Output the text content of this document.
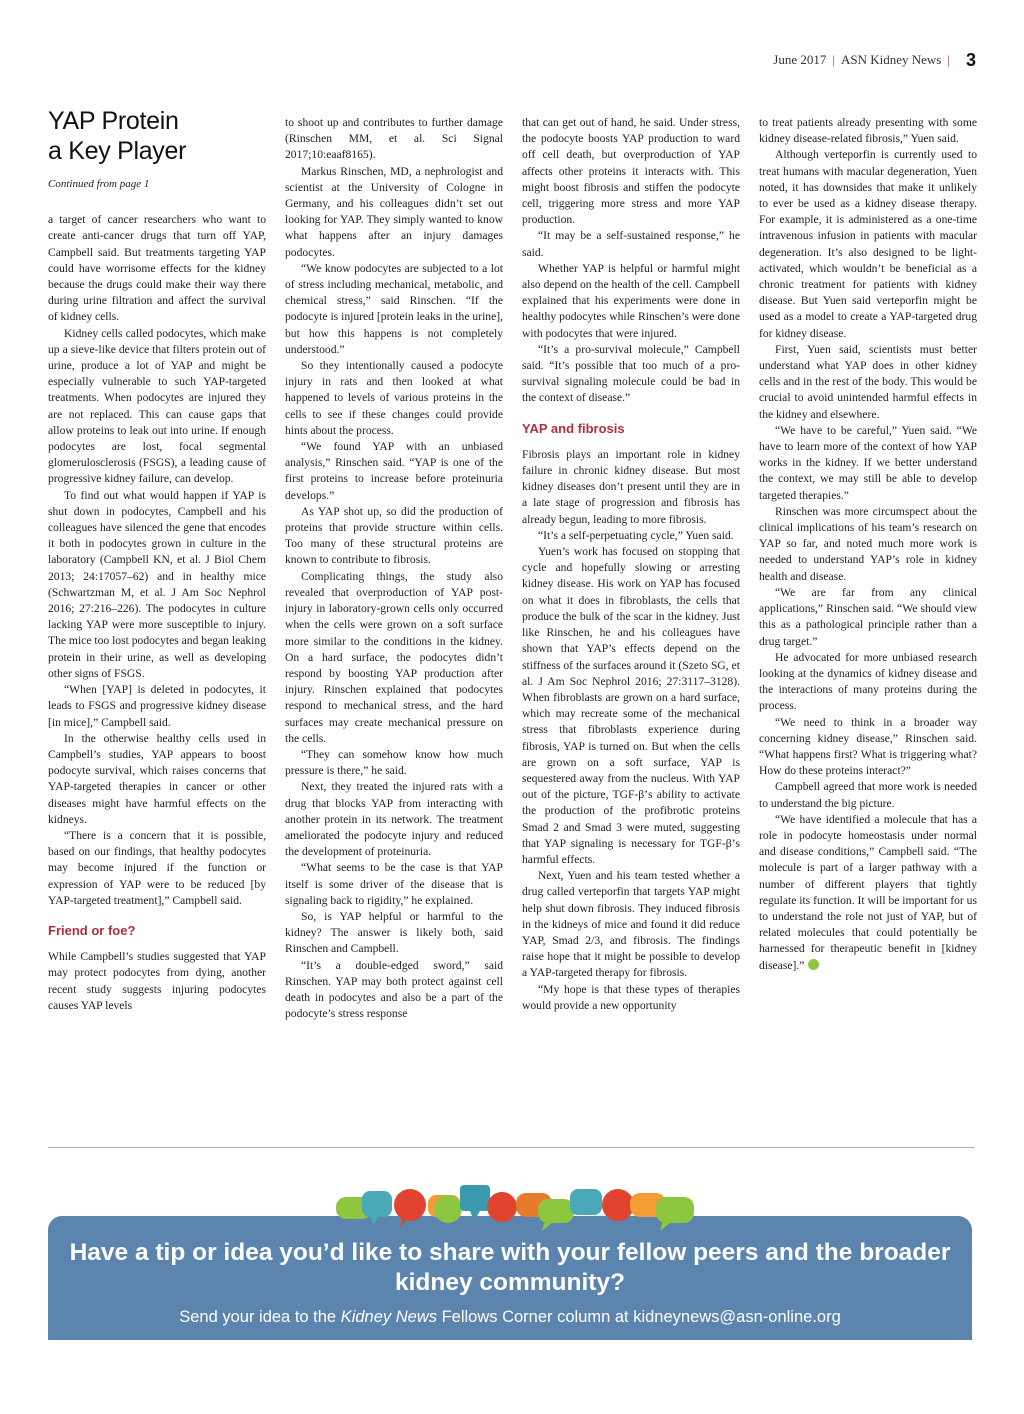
June 2017 | ASN Kidney News | 3
YAP Protein
a Key Player
Continued from page 1

a target of cancer researchers who want to create anti-cancer drugs that turn off YAP, Campbell said. But treatments targeting YAP could have worrisome effects for the kidney because the drugs could make their way there during urine filtration and affect the survival of kidney cells.

Kidney cells called podocytes, which make up a sieve-like device that filters protein out of urine, produce a lot of YAP and might be especially vulnerable to such YAP-targeted treatments. When podocytes are injured they are not replaced. This can cause gaps that allow proteins to leak out into urine. If enough podocytes are lost, focal segmental glomerulosclerosis (FSGS), a leading cause of progressive kidney failure, can develop.

To find out what would happen if YAP is shut down in podocytes, Campbell and his colleagues have silenced the gene that encodes it both in podocytes grown in culture in the laboratory (Campbell KN, et al. J Biol Chem 2013; 24:17057–62) and in healthy mice (Schwartzman M, et al. J Am Soc Nephrol 2016; 27:216–226). The podocytes in culture lacking YAP were more susceptible to injury. The mice too lost podocytes and began leaking protein in their urine, as well as developing other signs of FSGS.

“When [YAP] is deleted in podocytes, it leads to FSGS and progressive kidney disease [in mice],” Campbell said.

In the otherwise healthy cells used in Campbell’s studies, YAP appears to boost podocyte survival, which raises concerns that YAP-targeted therapies in cancer or other diseases might have harmful effects on the kidneys.

“There is a concern that it is possible, based on our findings, that healthy podocytes may become injured if the function or expression of YAP were to be reduced [by YAP-targeted treatment],” Campbell said.

Friend or foe?

While Campbell’s studies suggested that YAP may protect podocytes from dying, another recent study suggests injuring podocytes causes YAP levels

to shoot up and contributes to further damage (Rinschen MM, et al. Sci Signal 2017;10:eaaf8165).

Markus Rinschen, MD, a nephrologist and scientist at the University of Cologne in Germany, and his colleagues didn’t set out looking for YAP. They simply wanted to know what happens after an injury damages podocytes.

“We know podocytes are subjected to a lot of stress including mechanical, metabolic, and chemical stress,” said Rinschen. “If the podocyte is injured [protein leaks in the urine], but how this happens is not completely understood.”

So they intentionally caused a podocyte injury in rats and then looked at what happened to levels of various proteins in the cells to see if these changes could provide hints about the process.

“We found YAP with an unbiased analysis,” Rinschen said. “YAP is one of the first proteins to increase before proteinuria develops.”

As YAP shot up, so did the production of proteins that provide structure within cells. Too many of these structural proteins are known to contribute to fibrosis.

Complicating things, the study also revealed that overproduction of YAP post-injury in laboratory-grown cells only occurred when the cells were grown on a soft surface more similar to the conditions in the kidney. On a hard surface, the podocytes didn’t respond by boosting YAP production after injury. Rinschen explained that podocytes respond to mechanical stress, and the hard surfaces may create mechanical pressure on the cells.

“They can somehow know how much pressure is there,” he said.

Next, they treated the injured rats with a drug that blocks YAP from interacting with another protein in its network. The treatment ameliorated the podocyte injury and reduced the development of proteinuria.

“What seems to be the case is that YAP itself is some driver of the disease that is signaling back to rigidity,” he explained.

So, is YAP helpful or harmful to the kidney? The answer is likely both, said Rinschen and Campbell.

“It’s a double-edged sword,” said Rinschen. YAP may both protect against cell death in podocytes and also be a part of the podocyte’s stress response

that can get out of hand, he said. Under stress, the podocyte boosts YAP production to ward off cell death, but overproduction of YAP affects other proteins it interacts with. This might boost fibrosis and stiffen the podocyte cell, triggering more stress and more YAP production.

“It may be a self-sustained response,” he said.

Whether YAP is helpful or harmful might also depend on the health of the cell. Campbell explained that his experiments were done in healthy podocytes while Rinschen’s were done with podocytes that were injured.

“It’s a pro-survival molecule,” Campbell said. “It’s possible that too much of a pro-survival signaling molecule could be bad in the context of disease.”

YAP and fibrosis

Fibrosis plays an important role in kidney failure in chronic kidney disease. But most kidney diseases don’t present until they are in a late stage of progression and fibrosis has already begun, leading to more fibrosis.

“It’s a self-perpetuating cycle,” Yuen said.

Yuen’s work has focused on stopping that cycle and hopefully slowing or arresting kidney disease. His work on YAP has focused on what it does in fibroblasts, the cells that produce the bulk of the scar in the kidney. Just like Rinschen, he and his colleagues have shown that YAP’s effects depend on the stiffness of the surfaces around it (Szeto SG, et al. J Am Soc Nephrol 2016; 27:3117–3128). When fibroblasts are grown on a hard surface, which may recreate some of the mechanical stress that fibroblasts experience during fibrosis, YAP is turned on. But when the cells are grown on a soft surface, YAP is sequestered away from the nucleus. With YAP out of the picture, TGF-β’s ability to activate the production of the profibrotic proteins Smad 2 and Smad 3 were muted, suggesting that YAP signaling is necessary for TGF-β’s harmful effects.

Next, Yuen and his team tested whether a drug called verteporfin that targets YAP might help shut down fibrosis. They induced fibrosis in the kidneys of mice and found it did reduce YAP, Smad 2/3, and fibrosis. The findings raise hope that it might be possible to develop a YAP-targeted therapy for fibrosis.

“My hope is that these types of therapies would provide a new opportunity

to treat patients already presenting with some kidney disease-related fibrosis,” Yuen said.

Although verteporfin is currently used to treat humans with macular degeneration, Yuen noted, it has downsides that make it unlikely to ever be used as a kidney disease therapy. For example, it is administered as a one-time intravenous infusion in patients with macular degeneration. It’s also designed to be light-activated, which wouldn’t be beneficial as a chronic treatment for patients with kidney disease. But Yuen said verteporfin might be used as a model to create a YAP-targeted drug for kidney disease.

First, Yuen said, scientists must better understand what YAP does in other kidney cells and in the rest of the body. This would be crucial to avoid unintended harmful effects in the kidney and elsewhere.

“We have to be careful,” Yuen said. “We have to learn more of the context of how YAP works in the kidney. If we better understand the context, we may still be able to develop targeted therapies.”

Rinschen was more circumspect about the clinical implications of his team’s research on YAP so far, and noted much more work is needed to understand YAP’s role in kidney health and disease.

“We are far from any clinical applications,” Rinschen said. “We should view this as a pathological principle rather than a drug target.”

He advocated for more unbiased research looking at the dynamics of kidney disease and the interactions of many proteins during the process.

“We need to think in a broader way concerning kidney disease,” Rinschen said. “What happens first? What is triggering what? How do these proteins interact?”

Campbell agreed that more work is needed to understand the big picture.

“We have identified a molecule that has a role in podocyte homeostasis under normal and disease conditions,” Campbell said. “The molecule is part of a larger pathway with a number of different players that tightly regulate its function. It will be important for us to understand the role not just of YAP, but of related molecules that could potentially be harnessed for therapeutic benefit in [kidney disease].”

Have a tip or idea you’d like to share with your fellow peers and the broader kidney community?
Send your idea to the Kidney News Fellows Corner column at kidneynews@asn-online.org
